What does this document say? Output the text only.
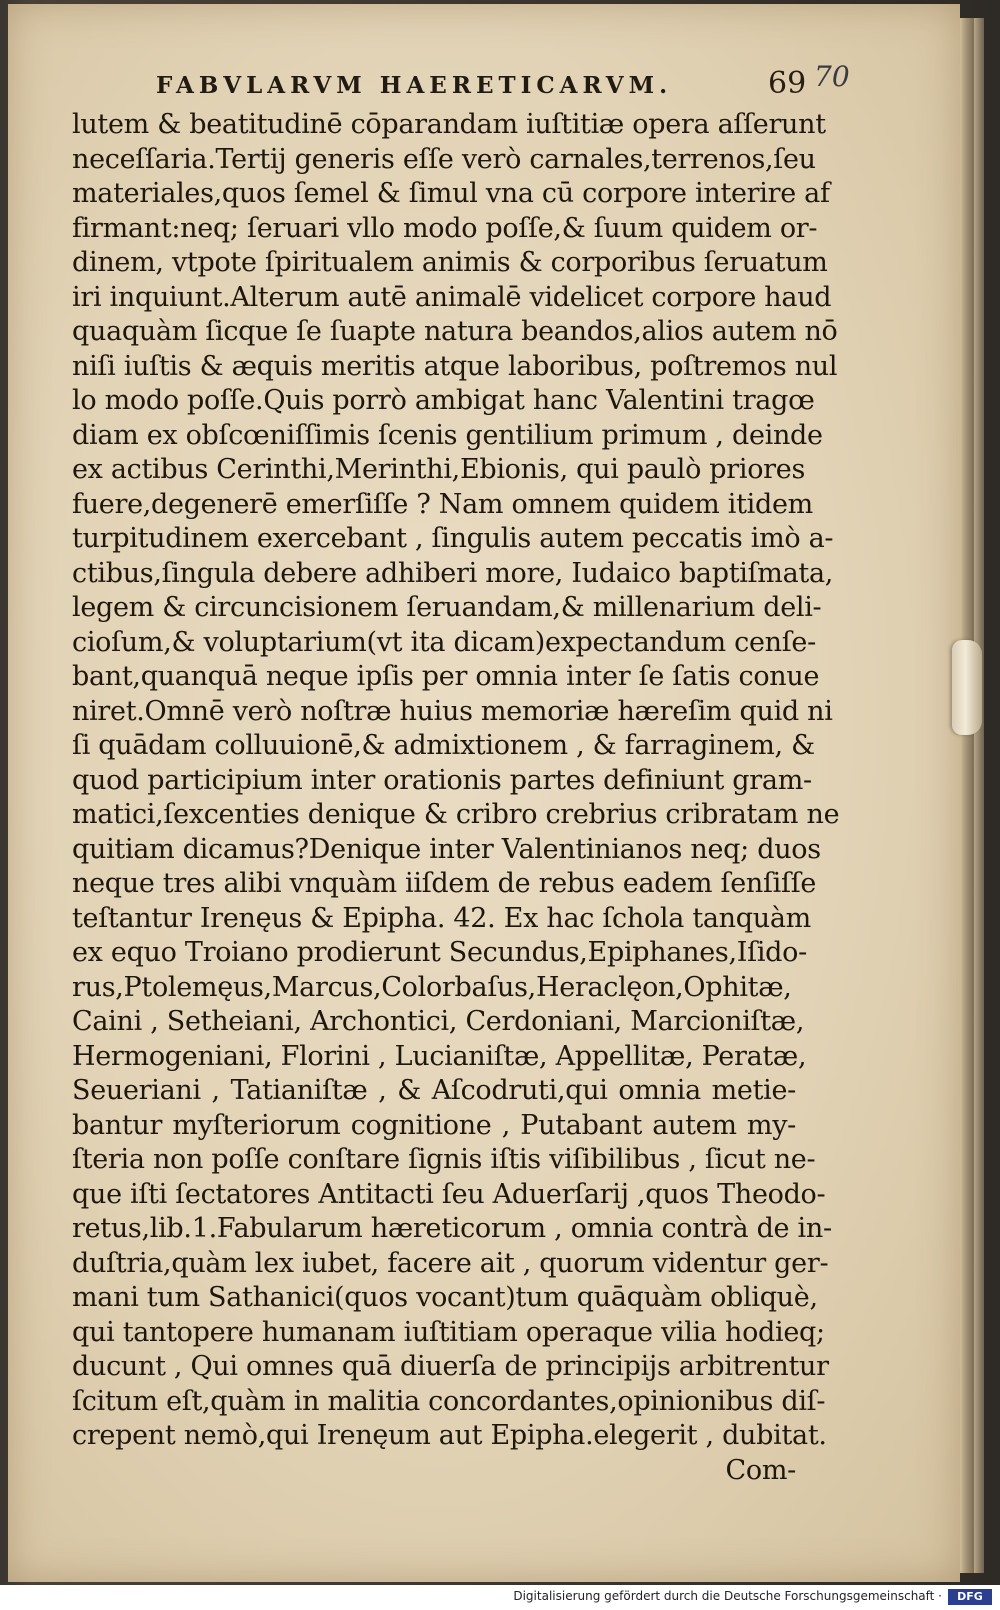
FABVLARVM HAERETICARVM.	69 70
lutem & beatitudinē cōparandam iuſtitiæ opera aſſerunt
neceſſaria.Tertij generis eſſe verò carnales,terrenos,ſeu
materiales,quos ſemel & ſimul vna cū corpore interire af
firmant:neq; ſeruari vllo modo poſſe,& ſuum quidem or-
dinem, vtpote ſpiritualem animis & corporibus ſeruatum
iri inquiunt.Alterum autē animalē videlicet corpore haud
quaquàm ſicque ſe ſuapte natura beandos,alios autem nō
niſi iuſtis & æquis meritis atque laboribus, poſtremos nul
lo modo poſſe.Quis porrò ambigat hanc Valentini tragœ
diam ex obſcœniſſimis ſcenis gentilium primum , deinde
ex actibus Cerinthi,Merinthi,Ebionis, qui paulò priores
fuere,degenerē emerſiſſe ? Nam omnem quidem itidem
turpitudinem exercebant , ſingulis autem peccatis imò a-
ctibus,ſingula debere adhiberi more, Iudaico baptiſmata,
legem & circuncisionem ſeruandam,& millenarium deli-
cioſum,& voluptarium(vt ita dicam)expectandum cenſe-
bant,quanquā neque ipſis per omnia inter ſe ſatis conue
niret.Omnē verò noſtræ huius memoriæ hæreſim quid ni
ſi quādam colluuionē,& admixtionem , & farraginem, &
quod participium inter orationis partes definiunt gram-
matici,ſexcenties denique & cribro crebrius cribratam ne
quitiam dicamus?Denique inter Valentinianos neq; duos
neque tres alibi vnquàm iiſdem de rebus eadem ſenſiſſe
teſtantur Irenęus & Epipha. 42. Ex hac ſchola tanquàm
ex equo Troiano prodierunt Secundus,Epiphanes,Iſido-
rus,Ptolemęus,Marcus,Colorbaſus,Heraclęon,Ophitæ,
Caini , Setheiani, Archontici, Cerdoniani, Marcioniſtæ,
Hermogeniani, Florini , Lucianiſtæ, Appellitæ, Peratæ,
Seueriani , Tatianiſtæ , & Aſcodruti,qui omnia metie-
bantur myſteriorum cognitione , Putabant autem my-
ſteria non poſſe conſtare ſignis iſtis viſibilibus , ſicut ne-
que iſti ſectatores Antitacti ſeu Aduerſarij ,quos Theodo-
retus,lib.1.Fabularum hæreticorum , omnia contrà de in-
duſtria,quàm lex iubet, facere ait , quorum videntur ger-
mani tum Sathanici(quos vocant)tum quāquàm obliquè,
qui tantopere humanam iuſtitiam operaque vilia hodieq;
ducunt , Qui omnes quā diuerſa de principijs arbitrentur
ſcitum eſt,quàm in malitia concordantes,opinionibus diſ-
crepent nemò,qui Irenęum aut Epipha.elegerit , dubitat.
Com-
Digitalisierung gefördert durch die Deutsche Forschungsgemeinschaft ·	DFG
